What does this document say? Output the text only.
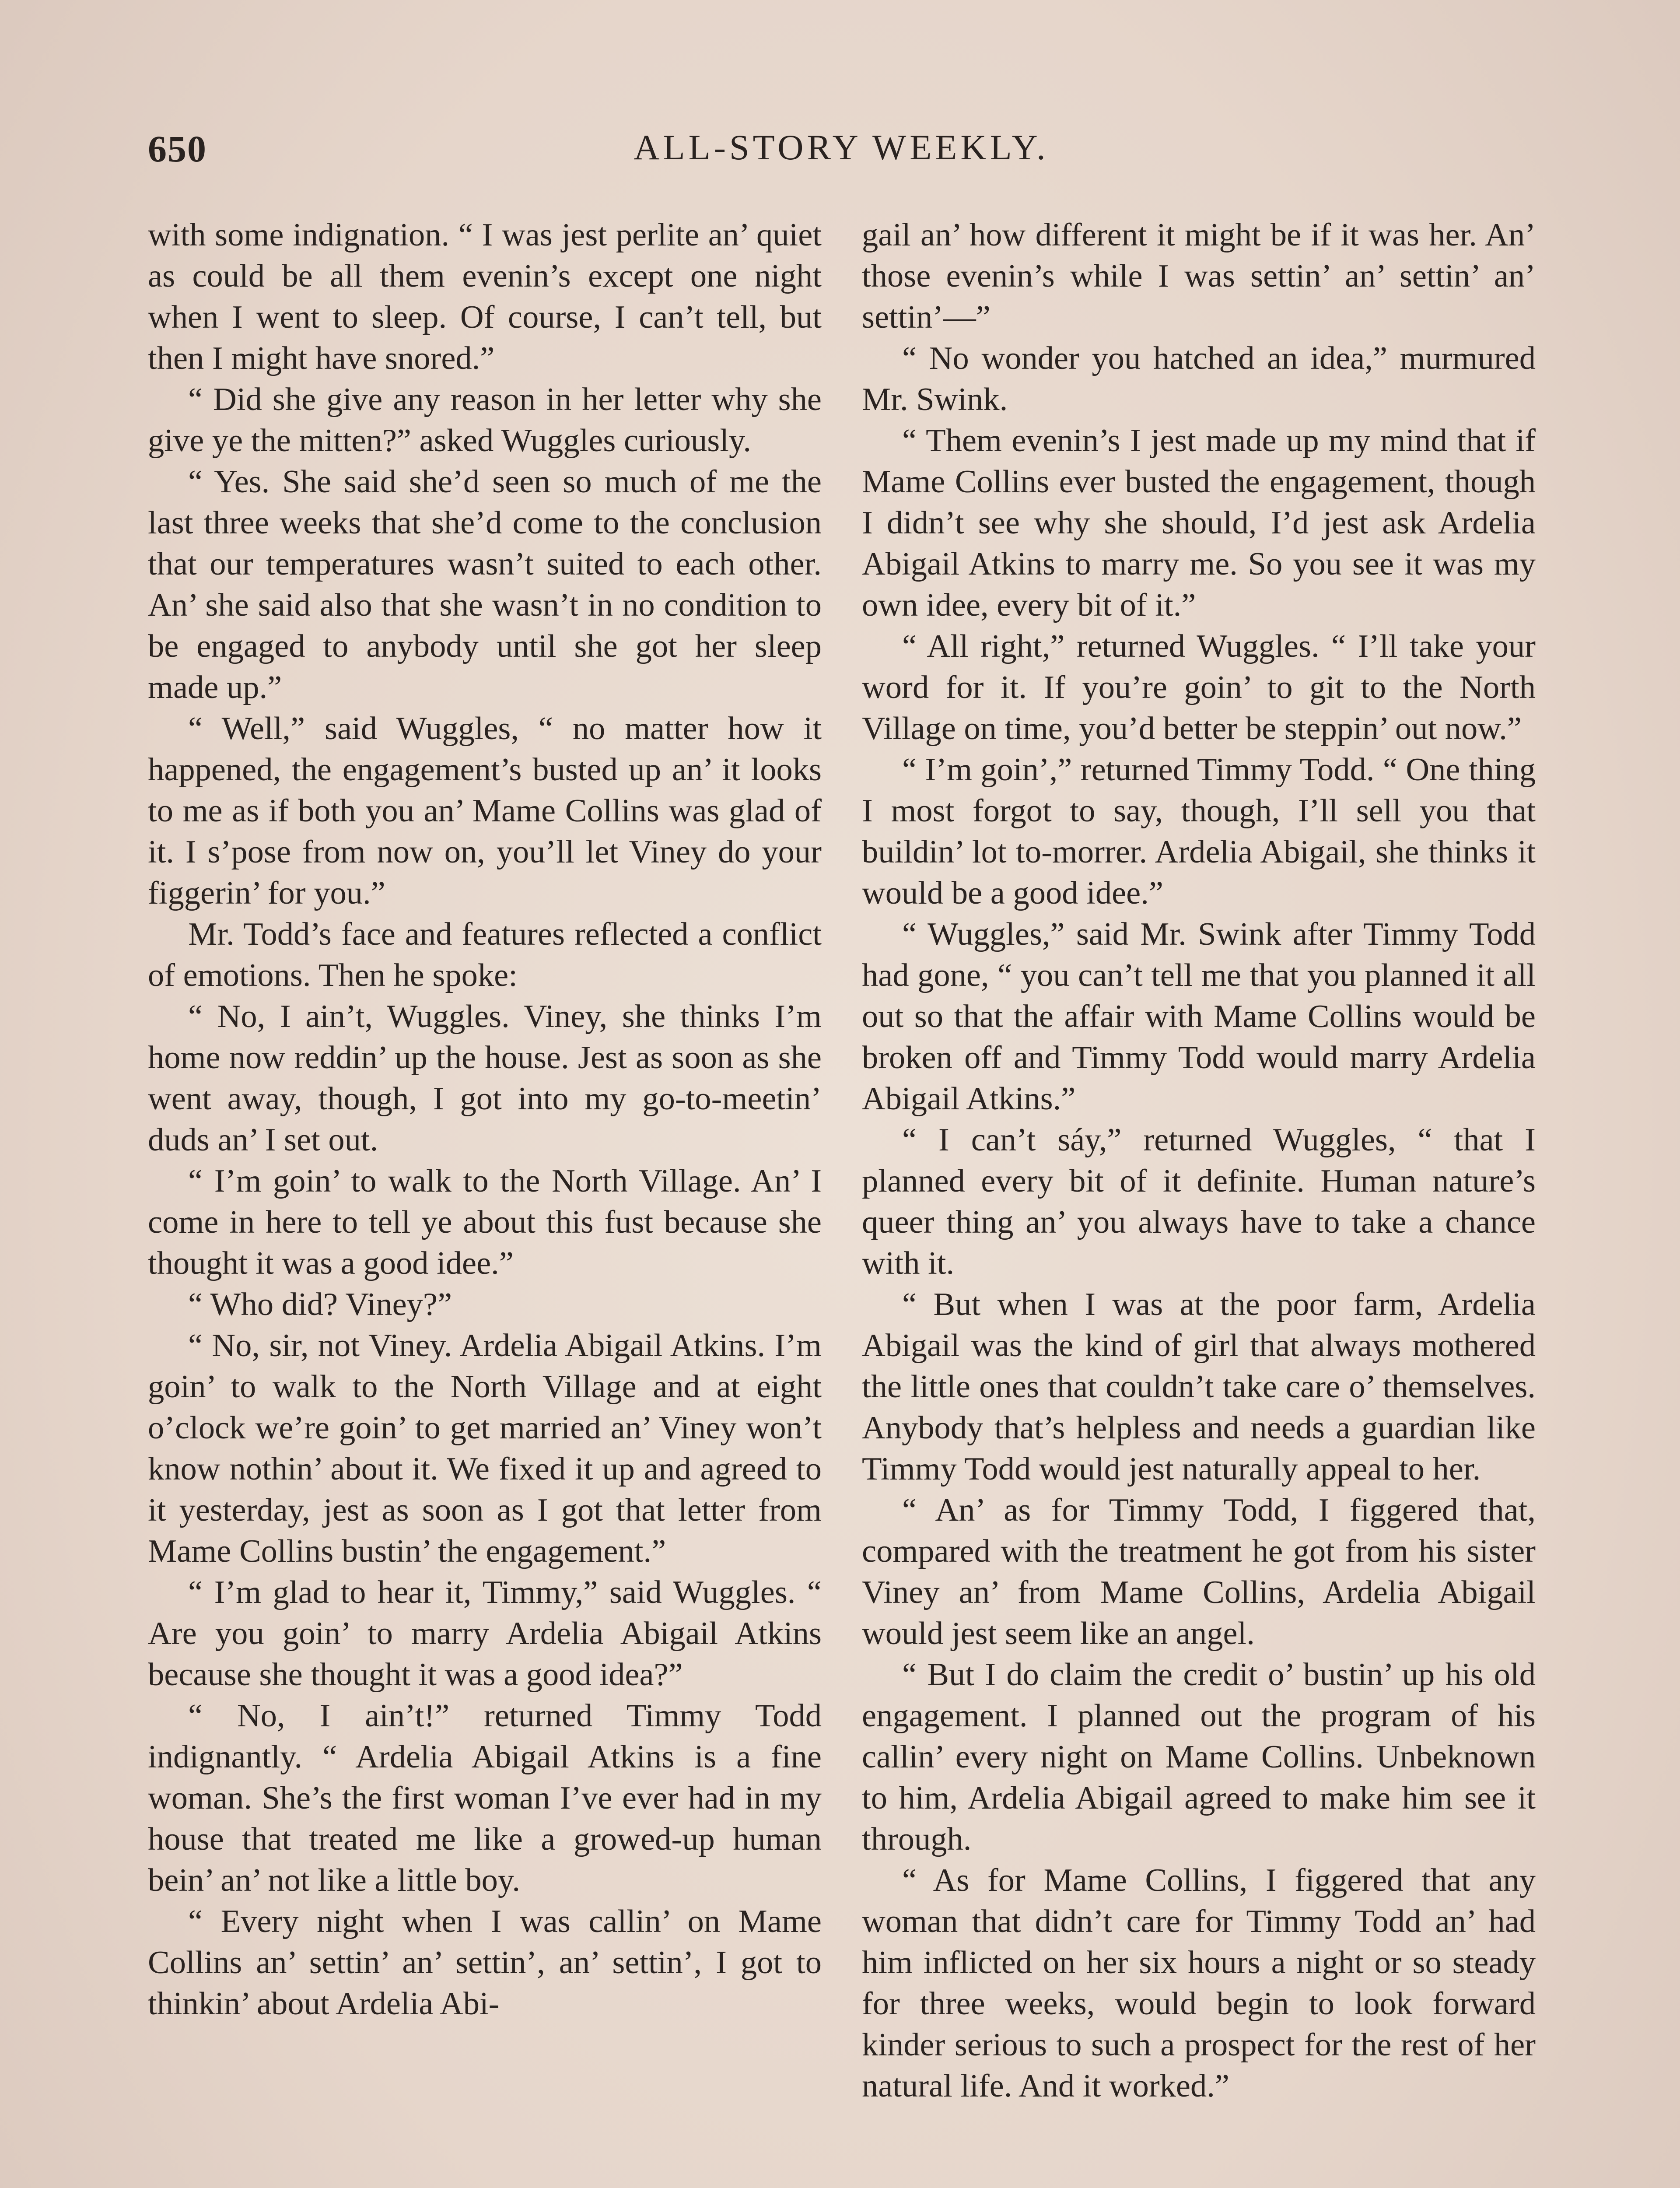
650	ALL-STORY WEEKLY.

with some indignation. “ I was jest perlite an’ quiet as could be all them evenin’s except one night when I went to sleep. Of course, I can’t tell, but then I might have snored.”

“ Did she give any reason in her letter why she give ye the mitten?” asked Wuggles curiously.

“ Yes. She said she’d seen so much of me the last three weeks that she’d come to the conclusion that our temperatures wasn’t suited to each other. An’ she said also that she wasn’t in no condition to be engaged to anybody until she got her sleep made up.”

“ Well,” said Wuggles, “ no matter how it happened, the engagement’s busted up an’ it looks to me as if both you an’ Mame Collins was glad of it. I s’pose from now on, you’ll let Viney do your figgerin’ for you.”

Mr. Todd’s face and features reflected a conflict of emotions. Then he spoke:

“ No, I ain’t, Wuggles. Viney, she thinks I’m home now reddin’ up the house. Jest as soon as she went away, though, I got into my go-to-meetin’ duds an’ I set out.

“ I’m goin’ to walk to the North Village. An’ I come in here to tell ye about this fust because she thought it was a good idee.”

“ Who did? Viney?”

“ No, sir, not Viney. Ardelia Abigail Atkins. I’m goin’ to walk to the North Village and at eight o’clock we’re goin’ to get married an’ Viney won’t know nothin’ about it. We fixed it up and agreed to it yesterday, jest as soon as I got that letter from Mame Collins bustin’ the engagement.”

“ I’m glad to hear it, Timmy,” said Wuggles. “ Are you goin’ to marry Ardelia Abigail Atkins because she thought it was a good idea?”

“ No, I ain’t!” returned Timmy Todd indignantly. “ Ardelia Abigail Atkins is a fine woman. She’s the first woman I’ve ever had in my house that treated me like a growed-up human bein’ an’ not like a little boy.

“ Every night when I was callin’ on Mame Collins an’ settin’ an’ settin’, an’ settin’, I got to thinkin’ about Ardelia Abi-

gail an’ how different it might be if it was her. An’ those evenin’s while I was settin’ an’ settin’ an’ settin’—”

“ No wonder you hatched an idea,” murmured Mr. Swink.

“ Them evenin’s I jest made up my mind that if Mame Collins ever busted the engagement, though I didn’t see why she should, I’d jest ask Ardelia Abigail Atkins to marry me. So you see it was my own idee, every bit of it.”

“ All right,” returned Wuggles. “ I’ll take your word for it. If you’re goin’ to git to the North Village on time, you’d better be steppin’ out now.”

“ I’m goin’,” returned Timmy Todd. “ One thing I most forgot to say, though, I’ll sell you that buildin’ lot to-morrer. Ardelia Abigail, she thinks it would be a good idee.”

“ Wuggles,” said Mr. Swink after Timmy Todd had gone, “ you can’t tell me that you planned it all out so that the affair with Mame Collins would be broken off and Timmy Todd would marry Ardelia Abigail Atkins.”

“ I can’t sáy,” returned Wuggles, “ that I planned every bit of it definite. Human nature’s queer thing an’ you always have to take a chance with it.

“ But when I was at the poor farm, Ardelia Abigail was the kind of girl that always mothered the little ones that couldn’t take care o’ themselves. Anybody that’s helpless and needs a guardian like Timmy Todd would jest naturally appeal to her.

“ An’ as for Timmy Todd, I figgered that, compared with the treatment he got from his sister Viney an’ from Mame Collins, Ardelia Abigail would jest seem like an angel.

“ But I do claim the credit o’ bustin’ up his old engagement. I planned out the program of his callin’ every night on Mame Collins. Unbeknown to him, Ardelia Abigail agreed to make him see it through.

“ As for Mame Collins, I figgered that any woman that didn’t care for Timmy Todd an’ had him inflicted on her six hours a night or so steady for three weeks, would begin to look forward kinder serious to such a prospect for the rest of her natural life. And it worked.”
